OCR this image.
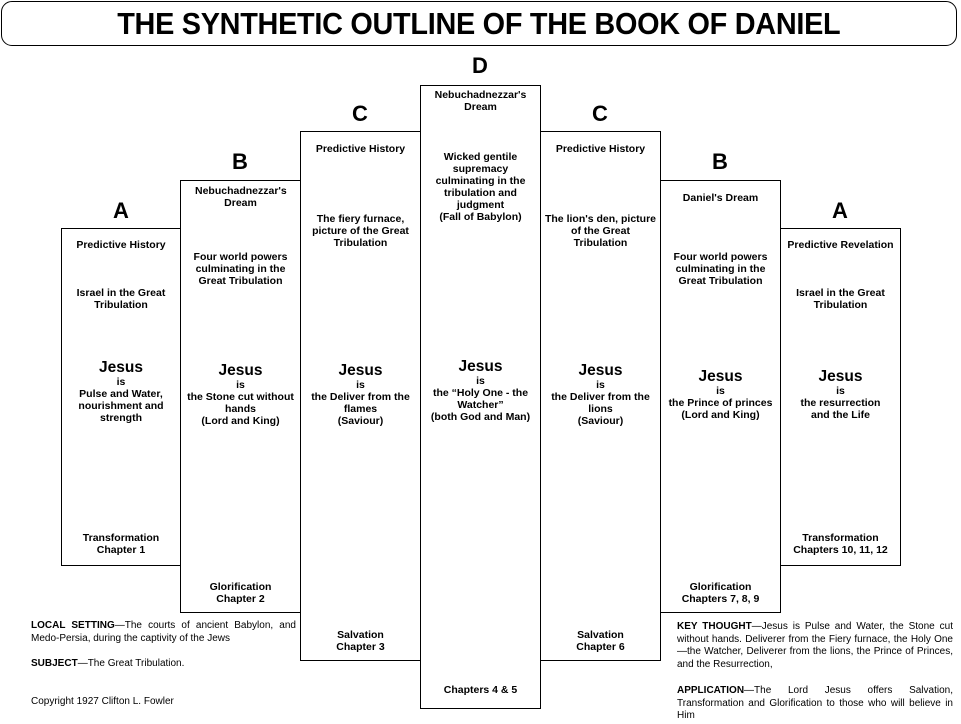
THE SYNTHETIC OUTLINE OF THE BOOK OF DANIEL
A
B
C
D
C
B
A
Predictive History
Israel in the Great Tribulation
Jesus
is
Pulse and Water, nourishment and strength
Transformation
Chapter 1
Nebuchadnezzar's Dream
Four world powers culminating in the Great Tribulation
Jesus
is
the Stone cut without hands
(Lord and King)
Glorification
Chapter 2
Predictive History
The fiery furnace, picture of the Great Tribulation
Jesus
is
the Deliver from the flames
(Saviour)
Salvation
Chapter 3
Nebuchadnezzar's Dream
Wicked gentile supremacy culminating in the tribulation and judgment
(Fall of Babylon)
Jesus
is
the “Holy One - the Watcher”
(both God and Man)
Chapters 4 & 5
Predictive History
The lion's den, picture of the Great Tribulation
Jesus
is
the Deliver from the lions
(Saviour)
Salvation
Chapter 6
Daniel's Dream
Four world powers culminating in the Great Tribulation
Jesus
is
the Prince of princes
(Lord and King)
Glorification
Chapters 7, 8, 9
Predictive Revelation
Israel in the Great Tribulation
Jesus
is
the resurrection and the Life
Transformation
Chapters 10, 11, 12
LOCAL SETTING—The courts of ancient Babylon, and Medo-Persia, during the captivity of the Jews
SUBJECT—The Great Tribulation.
Copyright 1927 Clifton L. Fowler
KEY THOUGHT—Jesus is Pulse and Water, the Stone cut without hands. Deliverer from the Fiery furnace, the Holy One—the Watcher, Deliverer from the lions, the Prince of Princes, and the Resurrection,
APPLICATION—The Lord Jesus offers Salvation, Transformation and Glorification to those who will believe in Him
